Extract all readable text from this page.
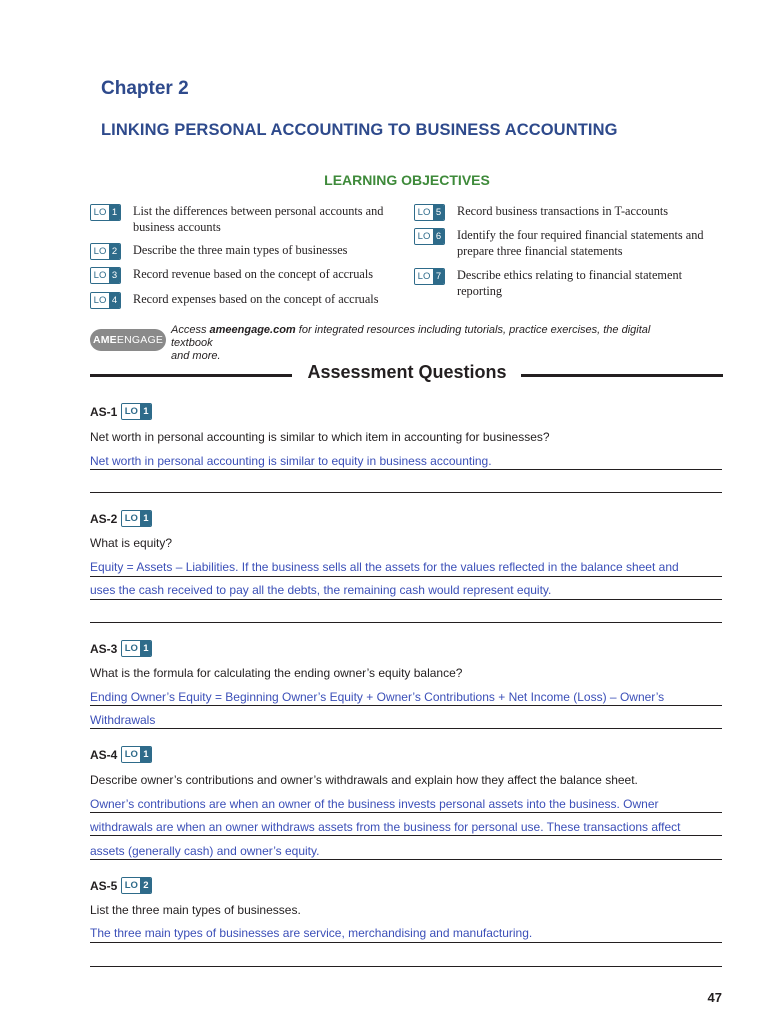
Chapter 2
LINKING PERSONAL ACCOUNTING TO BUSINESS ACCOUNTING
LEARNING OBJECTIVES
LO 1 List the differences between personal accounts and
business accounts
LO 2 Describe the three main types of businesses
LO 3 Record revenue based on the concept of accruals
LO 4 Record expenses based on the concept of accruals
LO 5 Record business transactions in T-accounts
LO 6 Identify the four required financial statements and
prepare three financial statements
LO 7 Describe ethics relating to financial statement
reporting
AMEENGAGE
Access ameengage.com for integrated resources including tutorials, practice exercises, the digital textbook
and more.
Assessment Questions
AS-1 LO 1
Net worth in personal accounting is similar to which item in accounting for businesses?
Net worth in personal accounting is similar to equity in business accounting.
AS-2 LO 1
What is equity?
Equity = Assets – Liabilities. If the business sells all the assets for the values reflected in the balance sheet and
uses the cash received to pay all the debts, the remaining cash would represent equity.
AS-3 LO 1
What is the formula for calculating the ending owner’s equity balance?
Ending Owner’s Equity = Beginning Owner’s Equity + Owner’s Contributions + Net Income (Loss) – Owner’s
Withdrawals
AS-4 LO 1
Describe owner’s contributions and owner’s withdrawals and explain how they affect the balance sheet.
Owner’s contributions are when an owner of the business invests personal assets into the business. Owner
withdrawals are when an owner withdraws assets from the business for personal use. These transactions affect
assets (generally cash) and owner’s equity.
AS-5 LO 2
List the three main types of businesses.
The three main types of businesses are service, merchandising and manufacturing.
47
